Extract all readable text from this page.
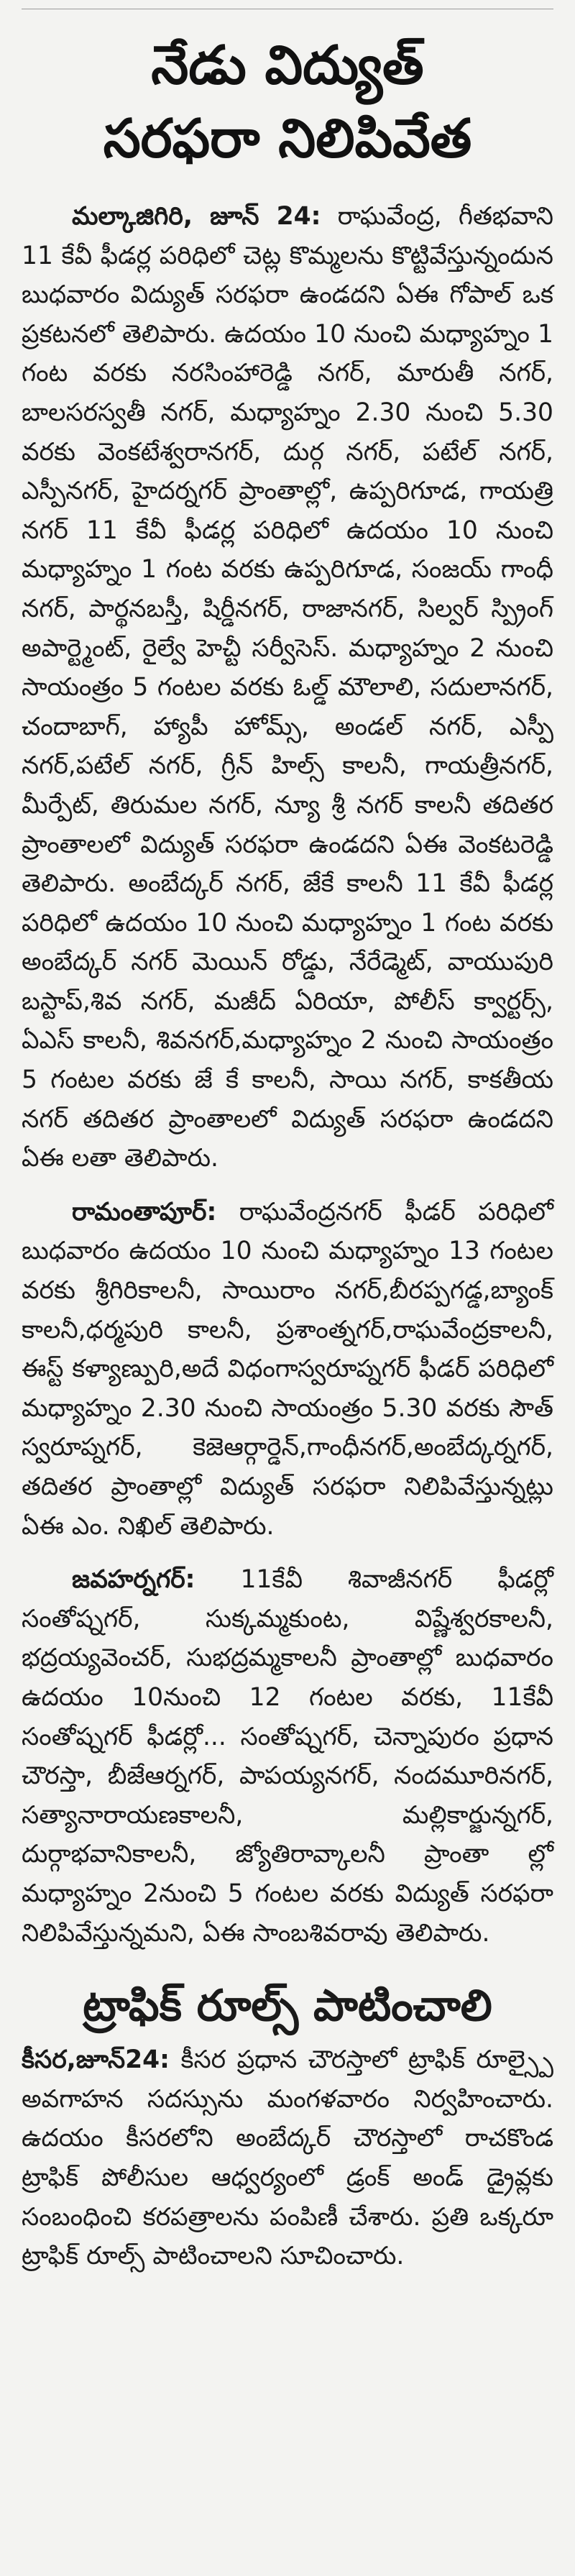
నేడు విద్యుత్
సరఫరా నిలిపివేత

మల్కాజిగిరి, జూన్ 24: రాఘవేంద్ర, గీతభవాని 11 కేవీ ఫీడర్ల పరిధిలో చెట్ల కొమ్మలను కొట్టివేస్తున్నందున బుధవారం విద్యుత్ సరఫరా ఉండదని ఏఈ గోపాల్ ఒక ప్రకటనలో తెలిపారు. ఉదయం 10 నుంచి మధ్యాహ్నం 1 గంట వరకు నరసింహారెడ్డి నగర్, మారుతీ నగర్, బాలసరస్వతీ నగర్, మధ్యాహ్నం 2.30 నుంచి 5.30 వరకు వెంకటేశ్వరానగర్, దుర్గ నగర్, పటేల్ నగర్, ఎస్పీనగర్, హైదర్నగర్ ప్రాంతాల్లో, ఉప్పరిగూడ, గాయత్రి నగర్ 11 కేవీ ఫీడర్ల పరిధిలో ఉదయం 10 నుంచి మధ్యాహ్నం 1 గంట వరకు ఉప్పరిగూడ, సంజయ్ గాంధీ నగర్, పార్థనబస్తీ, షిర్డీనగర్, రాజానగర్, సిల్వర్ స్ప్రింగ్ అపార్ట్మెంట్, రైల్వే హెచ్టీ సర్వీసెస్. మధ్యాహ్నం 2 నుంచి సాయంత్రం 5 గంటల వరకు ఓల్డ్ మౌలాలి, సదులానగర్, చందాబాగ్, హ్యాపీ హోమ్స్, అండల్ నగర్, ఎస్పీ నగర్,పటేల్ నగర్, గ్రీన్ హిల్స్ కాలనీ, గాయత్రీనగర్, మీర్పేట్, తిరుమల నగర్, న్యూ శ్రీ నగర్ కాలనీ తదితర ప్రాంతాలలో విద్యుత్ సరఫరా ఉండదని ఏఈ వెంకటరెడ్డి తెలిపారు. అంబేద్కర్ నగర్, జేకే కాలనీ 11 కేవీ ఫీడర్ల పరిధిలో ఉదయం 10 నుంచి మధ్యాహ్నం 1 గంట వరకు అంబేద్కర్ నగర్ మెయిన్ రోడ్డు, నేరేడ్మెట్, వాయుపురి బస్టాప్,శివ నగర్, మజీద్ ఏరియా, పోలీస్ క్వార్టర్స్, ఏఎస్ కాలనీ, శివనగర్,మధ్యాహ్నం 2 నుంచి సాయంత్రం 5 గంటల వరకు జే కే కాలనీ, సాయి నగర్, కాకతీయ నగర్ తదితర ప్రాంతాలలో విద్యుత్ సరఫరా ఉండదని ఏఈ లతా తెలిపారు.

రామంతాపూర్: రాఘవేంద్రనగర్ ఫీడర్ పరిధిలో బుధవారం ఉదయం 10 నుంచి మధ్యాహ్నం 13 గంటల వరకు శ్రీగిరికాలనీ, సాయిరాం నగర్,బీరప్పగడ్డ,బ్యాంక్ కాలనీ,ధర్మపురి కాలనీ, ప్రశాంత్నగర్,రాఘవేంద్రకాలనీ, ఈస్ట్ కళ్యాణ్పురి,అదే విధంగాస్వరూప్నగర్ ఫీడర్ పరిధిలో మధ్యాహ్నం 2.30 నుంచి సాయంత్రం 5.30 వరకు సౌత్ స్వరూప్నగర్, కెజెఆర్గార్డెన్,గాంధీనగర్,అంబేద్కర్నగర్, తదితర ప్రాంతాల్లో విద్యుత్ సరఫరా నిలిపివేస్తున్నట్లు ఏఈ ఎం. నిఖిల్ తెలిపారు.

జవహర్నగర్: 11కేవీ శివాజీనగర్ ఫీడర్లో సంతోష్నగర్, సుక్కమ్మకుంట, విష్ణేశ్వరకాలనీ, భద్రయ్యవెంచర్, సుభద్రమ్మకాలనీ ప్రాంతాల్లో బుధవారం ఉదయం 10నుంచి 12 గంటల వరకు, 11కేవీ సంతోష్నగర్ ఫీడర్లో... సంతోష్నగర్, చెన్నాపురం ప్రధాన చౌరస్తా, బీజేఆర్నగర్, పాపయ్యనగర్, నందమూరినగర్, సత్యానారాయణకాలనీ, మల్లికార్జున్నగర్, దుర్గాభవానికాలనీ, జ్యోతిరావ్కాలనీ ప్రాంతా ల్లో మధ్యాహ్నం 2నుంచి 5 గంటల వరకు విద్యుత్ సరఫరా నిలిపివేస్తున్నమని, ఏఈ సాంబశివరావు తెలిపారు.

ట్రాఫిక్ రూల్స్ పాటించాలి

కీసర,జూన్24: కీసర ప్రధాన చౌరస్తాలో ట్రాఫిక్ రూల్స్పై అవగాహన సదస్సును మంగళవారం నిర్వహించారు. ఉదయం కీసరలోని అంబేద్కర్ చౌరస్తాలో రాచకొండ ట్రాఫిక్ పోలీసుల ఆధ్వర్యంలో డ్రంక్ అండ్ డ్రైవ్లకు సంబంధించి కరపత్రాలను పంపిణీ చేశారు. ప్రతి ఒక్కరూ ట్రాఫిక్ రూల్స్ పాటించాలని సూచించారు.
